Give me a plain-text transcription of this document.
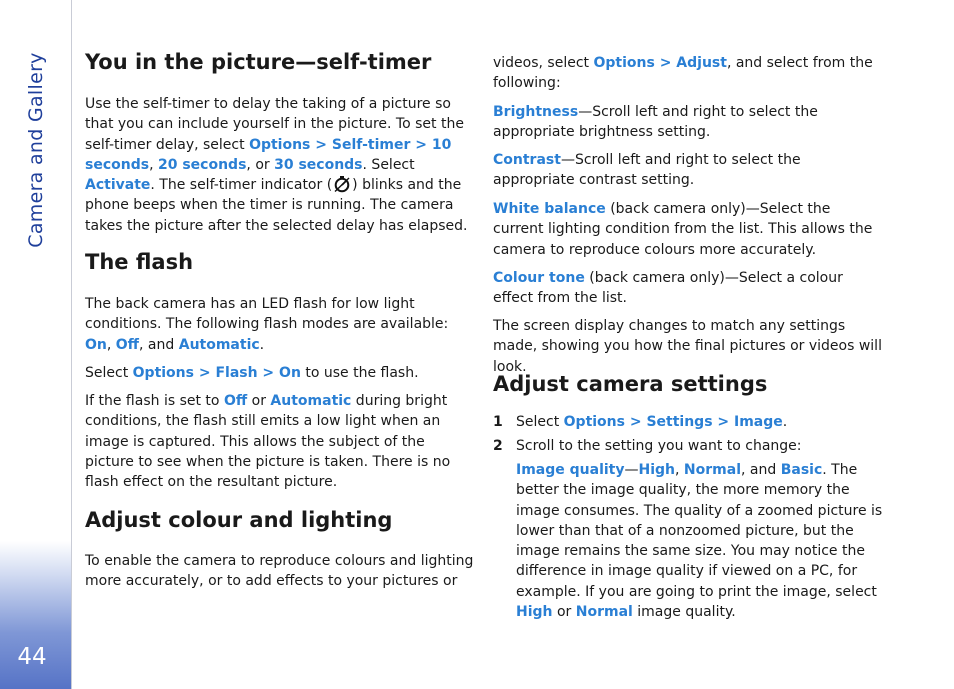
Camera and Gallery
44
You in the picture—self-timer

Use the self-timer to delay the taking of a picture so that you can include yourself in the picture. To set the self-timer delay, select Options > Self-timer > 10 seconds, 20 seconds, or 30 seconds. Select Activate. The self-timer indicator ( ) blinks and the phone beeps when the timer is running. The camera takes the picture after the selected delay has elapsed.

The flash

The back camera has an LED flash for low light conditions. The following flash modes are available: On, Off, and Automatic.

Select Options > Flash > On to use the flash.

If the flash is set to Off or Automatic during bright conditions, the flash still emits a low light when an image is captured. This allows the subject of the picture to see when the picture is taken. There is no flash effect on the resultant picture.

Adjust colour and lighting

To enable the camera to reproduce colours and lighting more accurately, or to add effects to your pictures or

videos, select Options > Adjust, and select from the following:

Brightness—Scroll left and right to select the appropriate brightness setting.

Contrast—Scroll left and right to select the appropriate contrast setting.

White balance (back camera only)—Select the current lighting condition from the list. This allows the camera to reproduce colours more accurately.

Colour tone (back camera only)—Select a colour effect from the list.

The screen display changes to match any settings made, showing you how the final pictures or videos will look.

Adjust camera settings
1 Select Options > Settings > Image.
2 Scroll to the setting you want to change:

Image quality—High, Normal, and Basic. The better the image quality, the more memory the image consumes. The quality of a zoomed picture is lower than that of a nonzoomed picture, but the image remains the same size. You may notice the difference in image quality if viewed on a PC, for example. If you are going to print the image, select High or Normal image quality.
